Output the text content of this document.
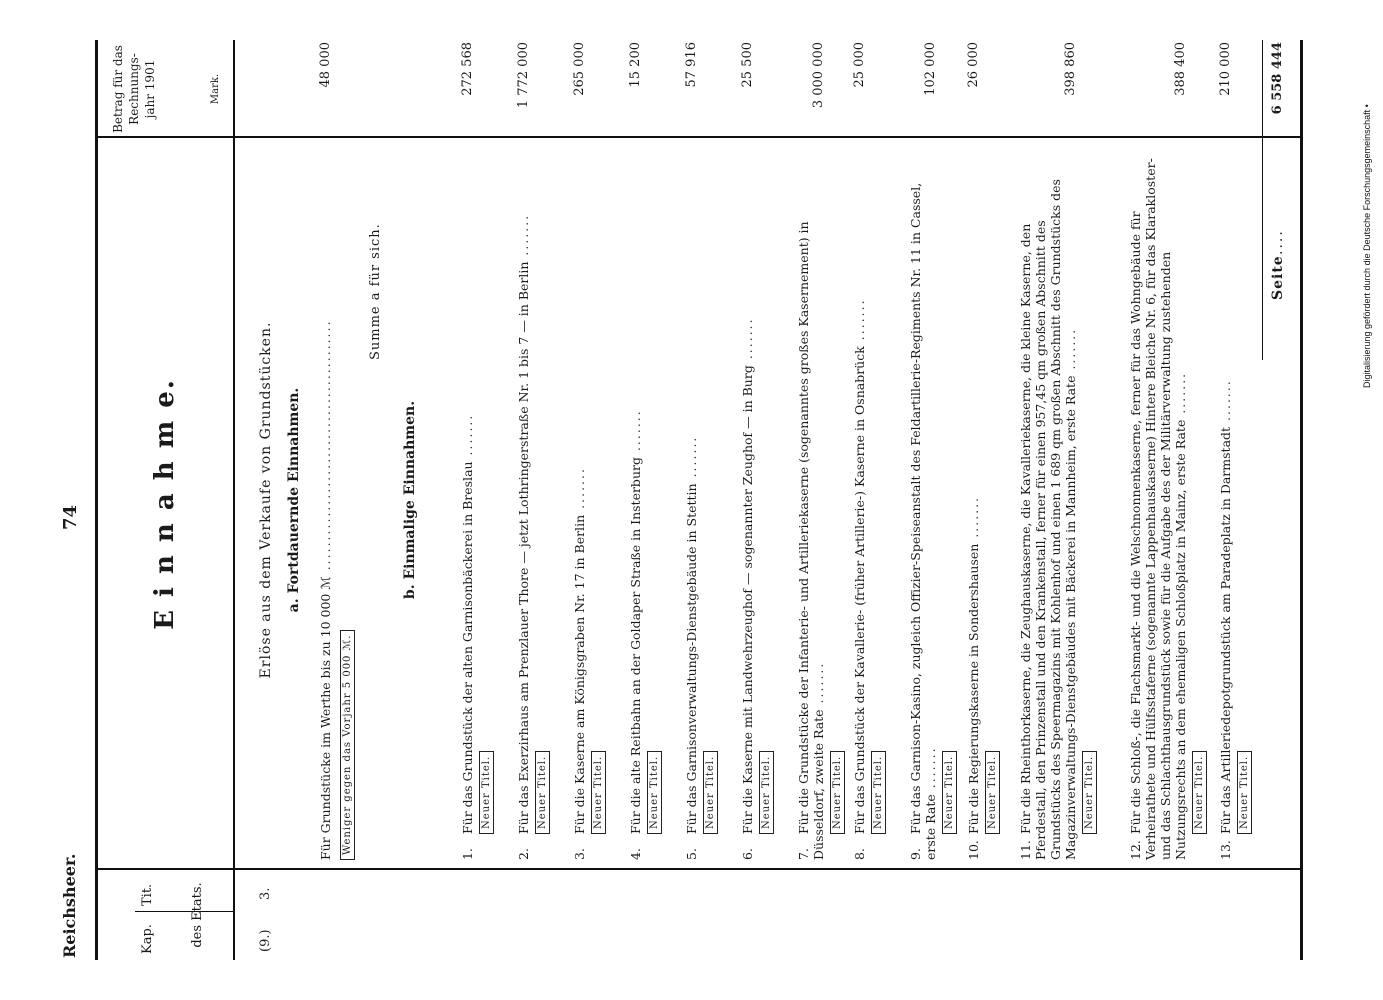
Reichsheer.
74
Kap.
Tit.	des Etats.
E i n n a h m e.
Betrag für das Rechnungs- jahr 1901	Mark.
(9.)
3.
Erlöse aus dem Verkaufe von Grundstücken. a. Fortdauernde Einnahmen.
Für Grundstücke im Werthe bis zu 10 000 ℳ ..........................................
48 000
Weniger gegen das Vorjahr 5 000 ℳ.
Summe a für sich.
b. Einmalige Einnahmen.
Seite
....
6 558 444
1.Für das Grundstück der alten Garnisonbäckerei in Breslau .......
Neuer Titel.
272 568
2.Für das Exerzirhaus am Prenzlauer Thore — jetzt Lothringerstraße Nr. 1 bis 7 — in Berlin .......
Neuer Titel.
1 772 000
3.Für die Kaserne am Königsgraben Nr. 17 in Berlin .......
Neuer Titel.
265 000
4.Für die alte Reitbahn an der Goldaper Straße in Insterburg .......
Neuer Titel.
15 200
5.Für das Garnisonverwaltungs-Dienstgebäude in Stettin .......
Neuer Titel.
57 916
6.Für die Kaserne mit Landwehrzeughof — sogenannter Zeughof — in Burg .......
Neuer Titel.
25 500
7.Für die Grundstücke der Infanterie- und Artilleriekaserne (sogenanntes großes Kasernement) in Düsseldorf, zweite Rate .......
Neuer Titel.
3 000 000
8.Für das Grundstück der Kavallerie- (früher Artillerie-) Kaserne in Osnabrück .......
Neuer Titel.
25 000
9.Für das Garnison-Kasino, zugleich Offizier-Speiseanstalt des Feldartillerie-Regiments Nr. 11 in Cassel, erste Rate ....... Neuer Titel.
102 000
10.Für die Regierungskaserne in Sondershausen .......
Neuer Titel.
26 000
11.Für die Rheinthorkaserne, die Zeughauskaserne, die Kavalleriekaserne, die kleine Kaserne, den Pferdestall, den Prinzenstall und den Krankenstall, ferner für einen 957,45 qm großen Abschnitt des Grundstücks des Speermagazins mit Kohlenhof und einen 1 689 qm großen Abschnitt des Grundstücks des Magazinverwaltungs-Dienstgebäudes mit Bäckerei in Mannheim, erste Rate .......
Neuer Titel.
398 860
12.Für die Schloß-, die Flachsmarkt- und die Welschnonnenkaserne, ferner für das Wohngebäude für Verheirathete und Hülfsstaferne (sogenannte Lappenhauskaserne) Hintere Bleiche Nr. 6, für das Klarakloster- und das Schlachthausgrundstück sowie für die Aufgabe des der Militärverwaltung zustehenden Nutzungsrechts an dem ehemaligen Schloßplatz in Mainz, erste Rate .......
Neuer Titel.
388 400
13.Für das Artilleriedepotgrundstück am Paradeplatz in Darmstadt .......
Neuer Titel.
210 000
Digitalisierung gefördert durch die Deutsche Forschungsgemeinschaft •
